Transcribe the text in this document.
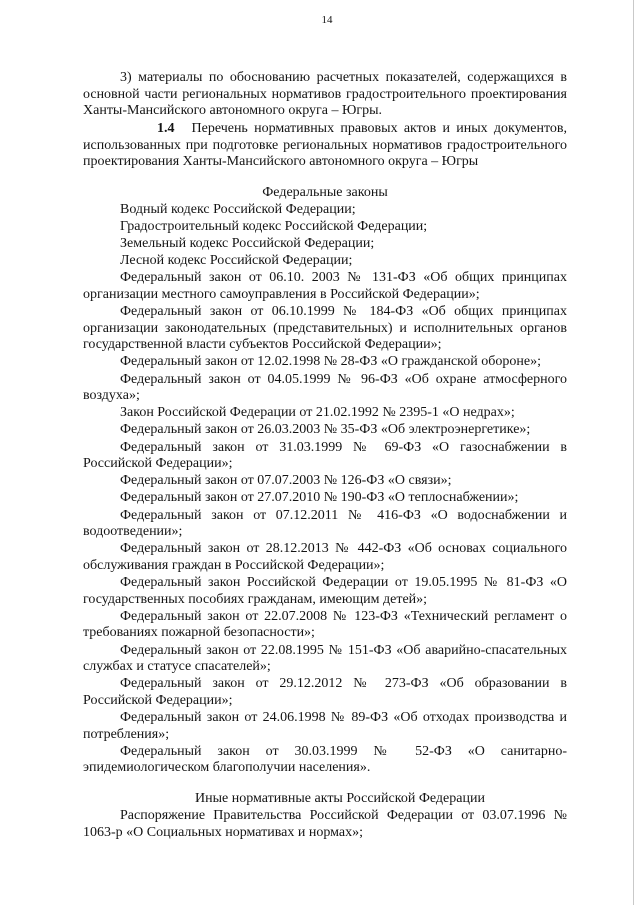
14

3) материалы по обоснованию расчетных показателей, содержащихся в основной части региональных нормативов градостроительного проектирования Ханты-Мансийского автономного округа – Югры.

1.4 Перечень нормативных правовых актов и иных документов, использованных при подготовке региональных нормативов градостроительного проектирования Ханты-Мансийского автономного округа – Югры

Федеральные законы

Водный кодекс Российской Федерации;

Градостроительный кодекс Российской Федерации;

Земельный кодекс Российской Федерации;

Лесной кодекс Российской Федерации;

Федеральный закон от 06.10. 2003 № 131-ФЗ «Об общих принципах организации местного самоуправления в Российской Федерации»;

Федеральный закон от 06.10.1999 № 184-ФЗ «Об общих принципах организации законодательных (представительных) и исполнительных органов государственной власти субъектов Российской Федерации»;

Федеральный закон от 12.02.1998 № 28-ФЗ «О гражданской обороне»;

Федеральный закон от 04.05.1999 № 96-ФЗ «Об охране атмосферного воздуха»;

Закон Российской Федерации от 21.02.1992 № 2395-1 «О недрах»;

Федеральный закон от 26.03.2003 № 35-ФЗ «Об электроэнергетике»;

Федеральный закон от 31.03.1999 № 69-ФЗ «О газоснабжении в Российской Федерации»;

Федеральный закон от 07.07.2003 № 126-ФЗ «О связи»;

Федеральный закон от 27.07.2010 № 190-ФЗ «О теплоснабжении»;

Федеральный закон от 07.12.2011 № 416-ФЗ «О водоснабжении и водоотведении»;

Федеральный закон от 28.12.2013 № 442-ФЗ «Об основах социального обслуживания граждан в Российской Федерации»;

Федеральный закон Российской Федерации от 19.05.1995 № 81-ФЗ «О государственных пособиях гражданам, имеющим детей»;

Федеральный закон от 22.07.2008 № 123-ФЗ «Технический регламент о требованиях пожарной безопасности»;

Федеральный закон от 22.08.1995 № 151-ФЗ «Об аварийно-спасательных службах и статусе спасателей»;

Федеральный закон от 29.12.2012 № 273-ФЗ «Об образовании в Российской Федерации»;

Федеральный закон от 24.06.1998 № 89-ФЗ «Об отходах производства и потребления»;

Федеральный закон от 30.03.1999 № 52-ФЗ «О санитарно-эпидемиологическом благополучии населения».

Иные нормативные акты Российской Федерации

Распоряжение Правительства Российской Федерации от 03.07.1996 № 1063-р «О Социальных нормативах и нормах»;
